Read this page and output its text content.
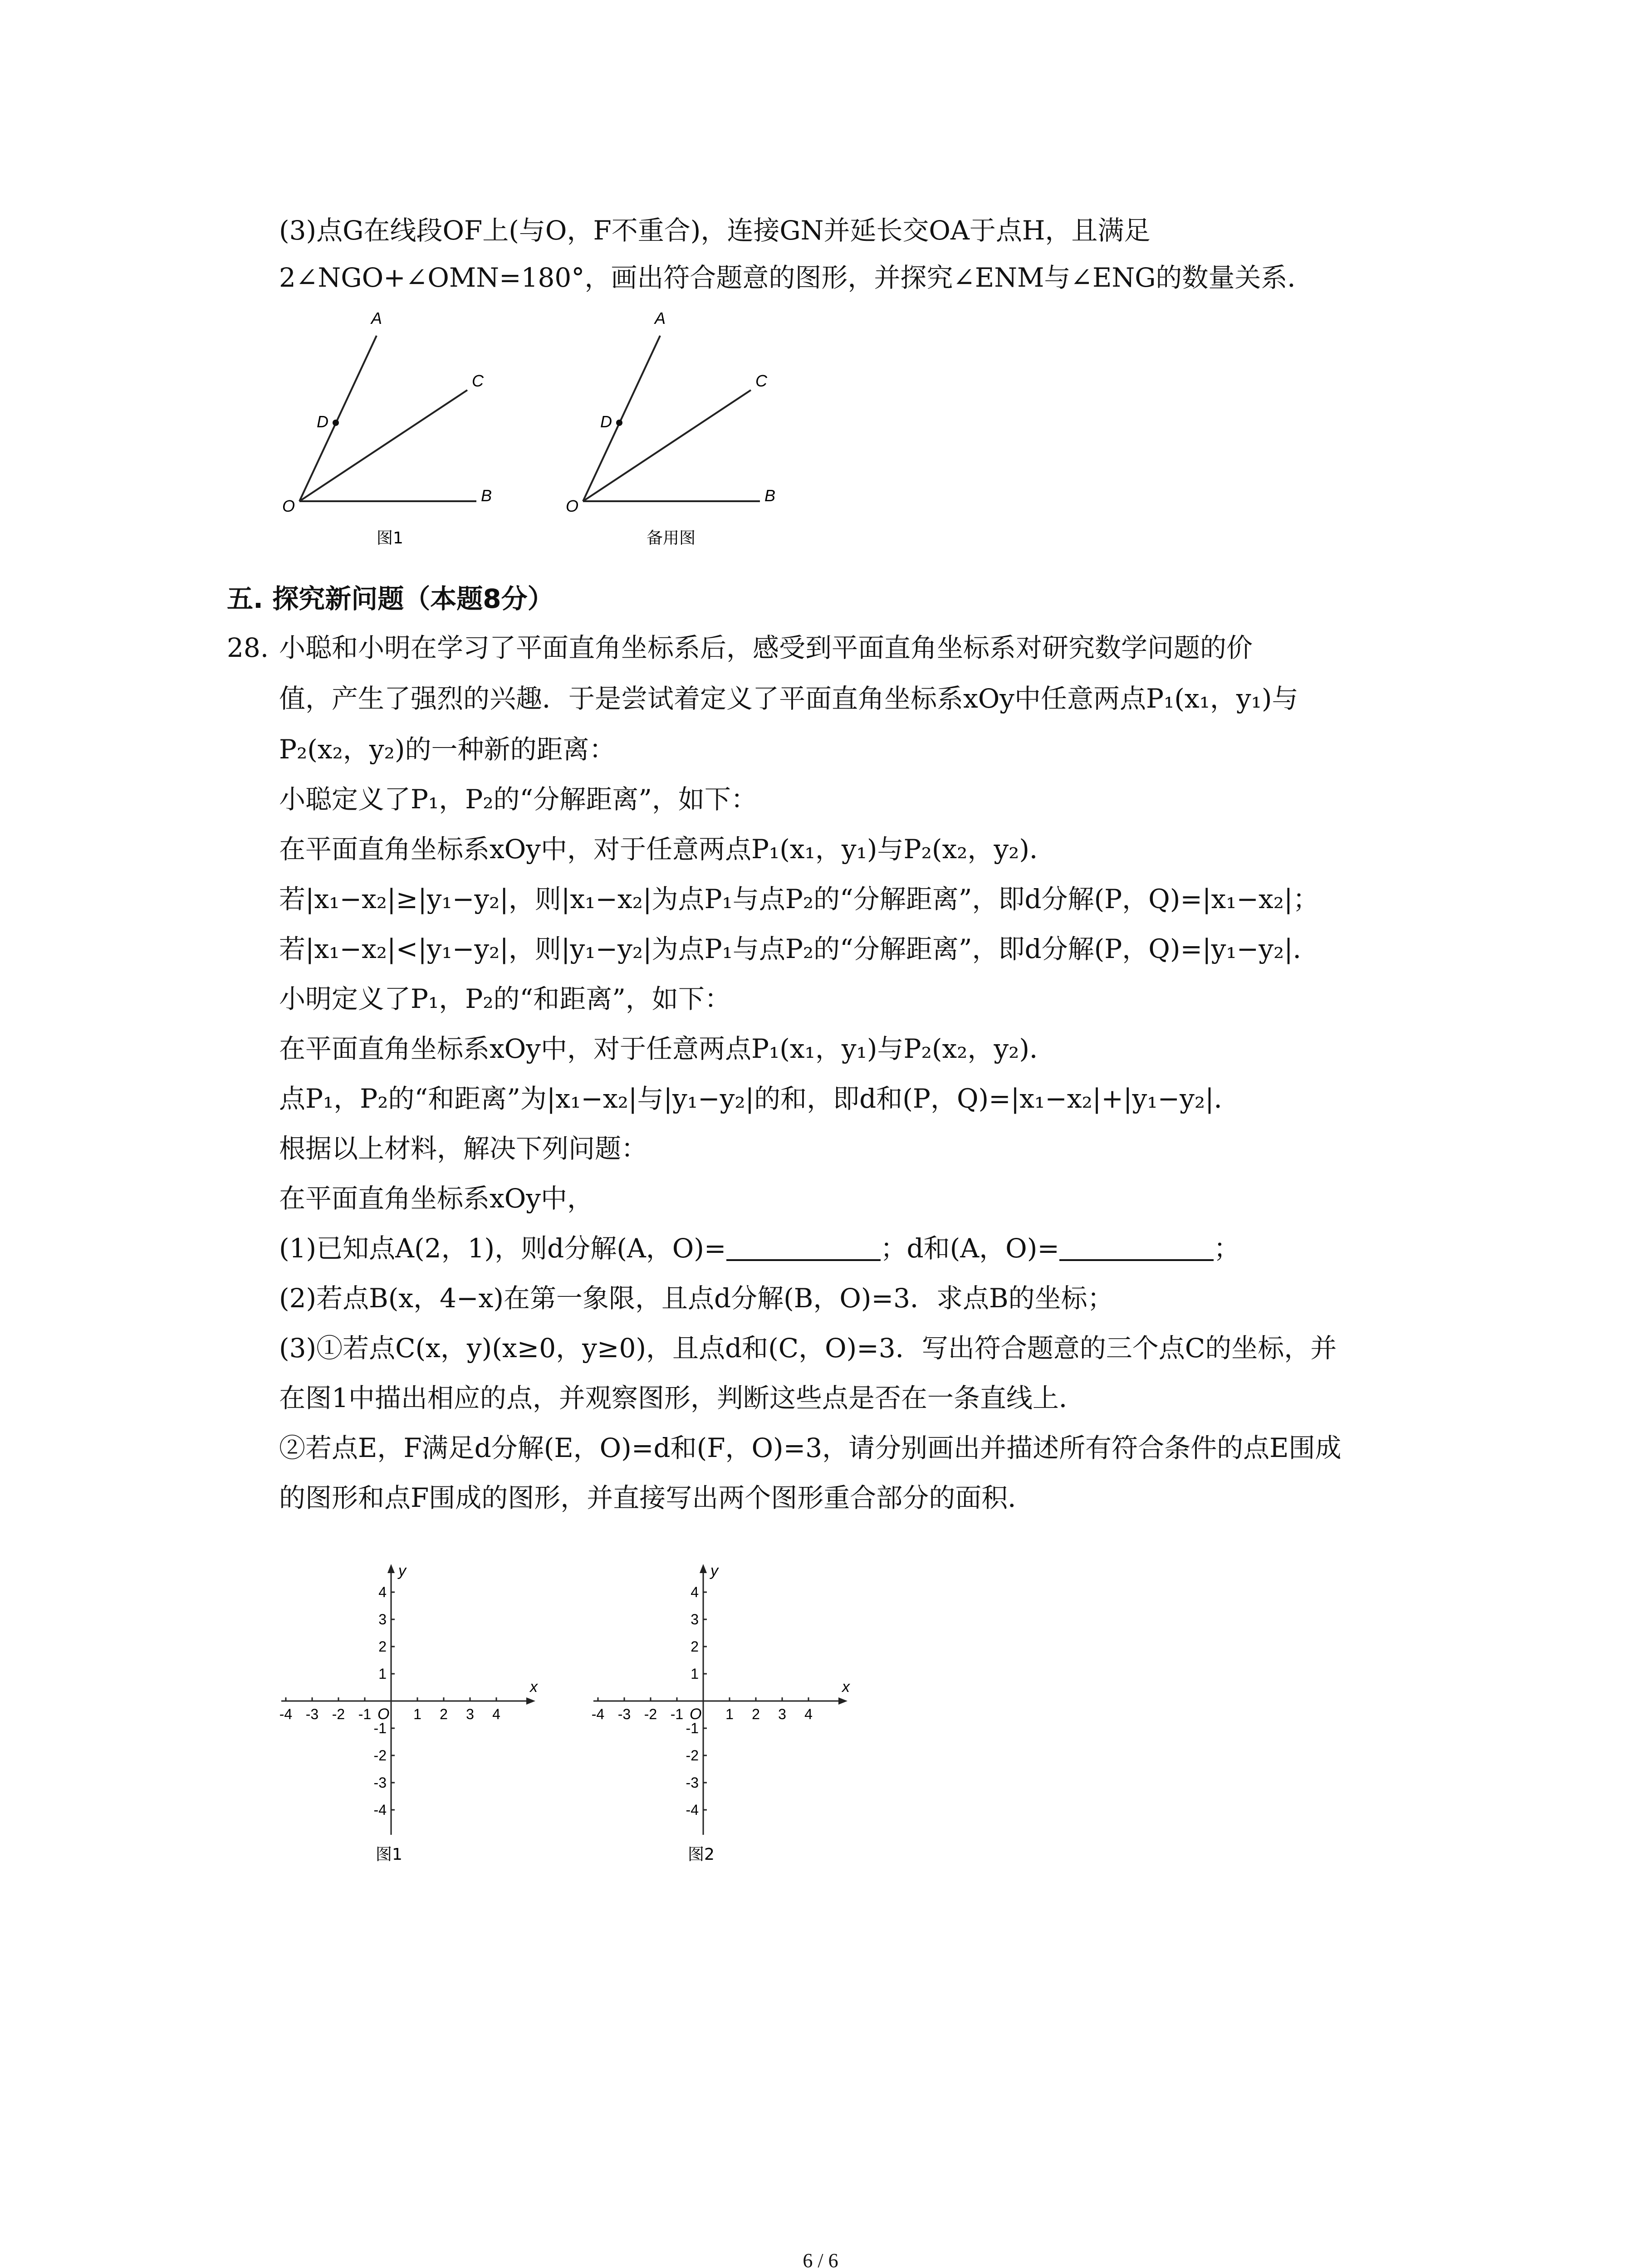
(3)点G在线段OF上(与O，F不重合)，连接GN并延长交OA于点H，且满足
2∠NGO+∠OMN=180°，画出符合题意的图形，并探究∠ENM与∠ENG的数量关系．
A
C
D
O
B
图1
A
C
D
O
B
备用图
五. 探究新问题（本题8分）
28. 小聪和小明在学习了平面直角坐标系后，感受到平面直角坐标系对研究数学问题的价
值，产生了强烈的兴趣．于是尝试着定义了平面直角坐标系xOy中任意两点P₁(x₁，y₁)与
P₂(x₂，y₂)的一种新的距离：
小聪定义了P₁，P₂的“分解距离”，如下：
在平面直角坐标系xOy中，对于任意两点P₁(x₁，y₁)与P₂(x₂，y₂)．
若|x₁−x₂|≥|y₁−y₂|，则|x₁−x₂|为点P₁与点P₂的“分解距离”，即d分解(P，Q)=|x₁−x₂|；
若|x₁−x₂|<|y₁−y₂|，则|y₁−y₂|为点P₁与点P₂的“分解距离”，即d分解(P，Q)=|y₁−y₂|．
小明定义了P₁，P₂的“和距离”，如下：
在平面直角坐标系xOy中，对于任意两点P₁(x₁，y₁)与P₂(x₂，y₂)．
点P₁，P₂的“和距离”为|x₁−x₂|与|y₁−y₂|的和，即d和(P，Q)=|x₁−x₂|+|y₁−y₂|．
根据以上材料，解决下列问题：
在平面直角坐标系xOy中，
(1)已知点A(2，1)，则d分解(A，O)=	；d和(A，O)=	；
(2)若点B(x，4−x)在第一象限，且点d分解(B，O)=3．求点B的坐标；
(3)①若点C(x，y)(x≥0，y≥0)，且点d和(C，O)=3．写出符合题意的三个点C的坐标，并
在图1中描出相应的点，并观察图形，判断这些点是否在一条直线上．
②若点E，F满足d分解(E，O)=d和(F，O)=3，请分别画出并描述所有符合条件的点E围成
的图形和点F围成的图形，并直接写出两个图形重合部分的面积．
x
y
O
-4 -3 -2 -1	1 2 3 4
4
3
2
1
-1
-2
-3
-4
图1
x
y
O
-4 -3 -2 -1	1 2 3 4
4
3
2
1
-1
-2
-3
-4
图2
6 / 6
